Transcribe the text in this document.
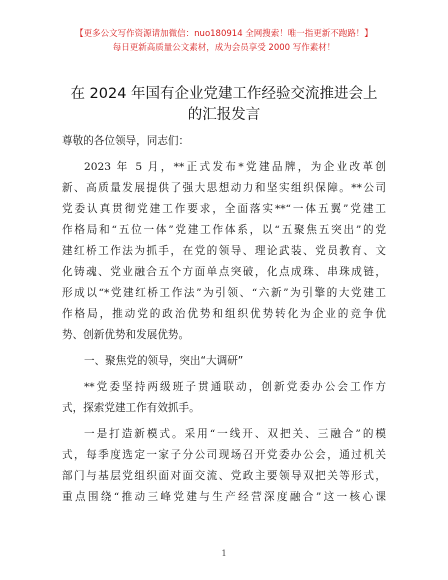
【更多公文写作资源请加微信：nuo180914 全网搜索！唯一指更新不跑路！】
每日更新高质量公文素材，成为会员享受 2000 写作素材！
在 2024 年国有企业党建工作经验交流推进会上
的汇报发言
尊敬的各位领导，同志们：
2023 年 5 月，**正式发布*党建品牌，为企业改革创
新、高质量发展提供了强大思想动力和坚实组织保障。**公司
党委认真贯彻党建工作要求，全面落实**“一体五翼”党建工
作格局和“五位一体”党建工作体系，以“五聚焦五突出”的党
建红桥工作法为抓手，在党的领导、理论武装、党员教育、文
化铸魂、党业融合五个方面单点突破，化点成珠、串珠成链，
形成以“*党建红桥工作法”为引领、“六新”为引擎的大党建工
作格局，推动党的政治优势和组织优势转化为企业的竞争优
势、创新优势和发展优势。
一、聚焦党的领导，突出“大调研”
**党委坚持两级班子贯通联动，创新党委办公会工作方
式，探索党建工作有效抓手。
一是打造新模式。采用“一线开、双把关、三融合”的模
式，每季度选定一家子分公司现场召开党委办公会，通过机关
部门与基层党组织面对面交流、党政主要领导双把关等形式，
重点围绕“推动三峰党建与生产经营深度融合”这一核心课
1
